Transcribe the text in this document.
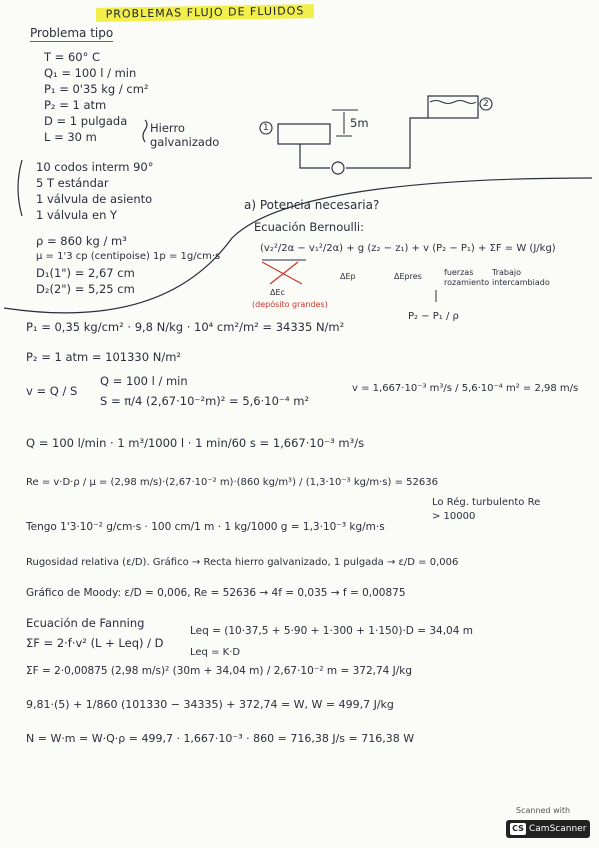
PROBLEMAS FLUJO DE FLUIDOS
Problema tipo
T = 60° C
Q₁ = 100 l / min
P₁ = 0'35 kg / cm²
P₂ = 1 atm
D = 1 pulgada
L = 30 m
Hierro galvanizado
10 codos interm 90°
5 T estándar
1 válvula de asiento
1 válvula en Y
ρ = 860 kg / m³
μ = 1'3 cp (centipoise) 1p = 1g/cm·s
D₁(1") = 2,67 cm
D₂(2") = 5,25 cm
1
2
5m
a) Potencia necesaria?
Ecuación Bernoulli:
(v₂²/2α − v₁²/2α) + g (z₂ − z₁) + v (P₂ − P₁) + ΣF = W (J/kg)
ΔEc
(depósito grandes)
ΔEp	ΔEpres	fuerzas rozamiento
Trabajo intercambiado
P₂ − P₁ / ρ
P₁ = 0,35 kg/cm² · 9,8 N/kg · 10⁴ cm²/m² = 34335 N/m²
P₂ = 1 atm = 101330 N/m²
v = Q / S
Q = 100 l / min
S = π/4 (2,67·10⁻²m)² = 5,6·10⁻⁴ m²
v = 1,667·10⁻³ m³/s / 5,6·10⁻⁴ m² = 2,98 m/s
Q = 100 l/min · 1 m³/1000 l · 1 min/60 s = 1,667·10⁻³ m³/s
Re = v·D·ρ / μ = (2,98 m/s)·(2,67·10⁻² m)·(860 kg/m³) / (1,3·10⁻³ kg/m·s) = 52636
Lo Rég. turbulento Re > 10000
Tengo 1'3·10⁻² g/cm·s · 100 cm/1 m · 1 kg/1000 g = 1,3·10⁻³ kg/m·s
Rugosidad relativa (ε/D). Gráfico → Recta hierro galvanizado, 1 pulgada → ε/D = 0,006
Gráfico de Moody: ε/D = 0,006, Re = 52636 → 4f = 0,035 → f = 0,00875
Ecuación de Fanning
ΣF = 2·f·v² (L + Leq) / D
Leq = K·D
Leq = (10·37,5 + 5·90 + 1·300 + 1·150)·D = 34,04 m
ΣF = 2·0,00875 (2,98 m/s)² (30m + 34,04 m) / 2,67·10⁻² m = 372,74 J/kg
9,81·(5) + 1/860 (101330 − 34335) + 372,74 = W, W = 499,7 J/kg
N = W·m = W·Q·ρ = 499,7 · 1,667·10⁻³ · 860 = 716,38 J/s = 716,38 W
Scanned with
CS CamScanner
